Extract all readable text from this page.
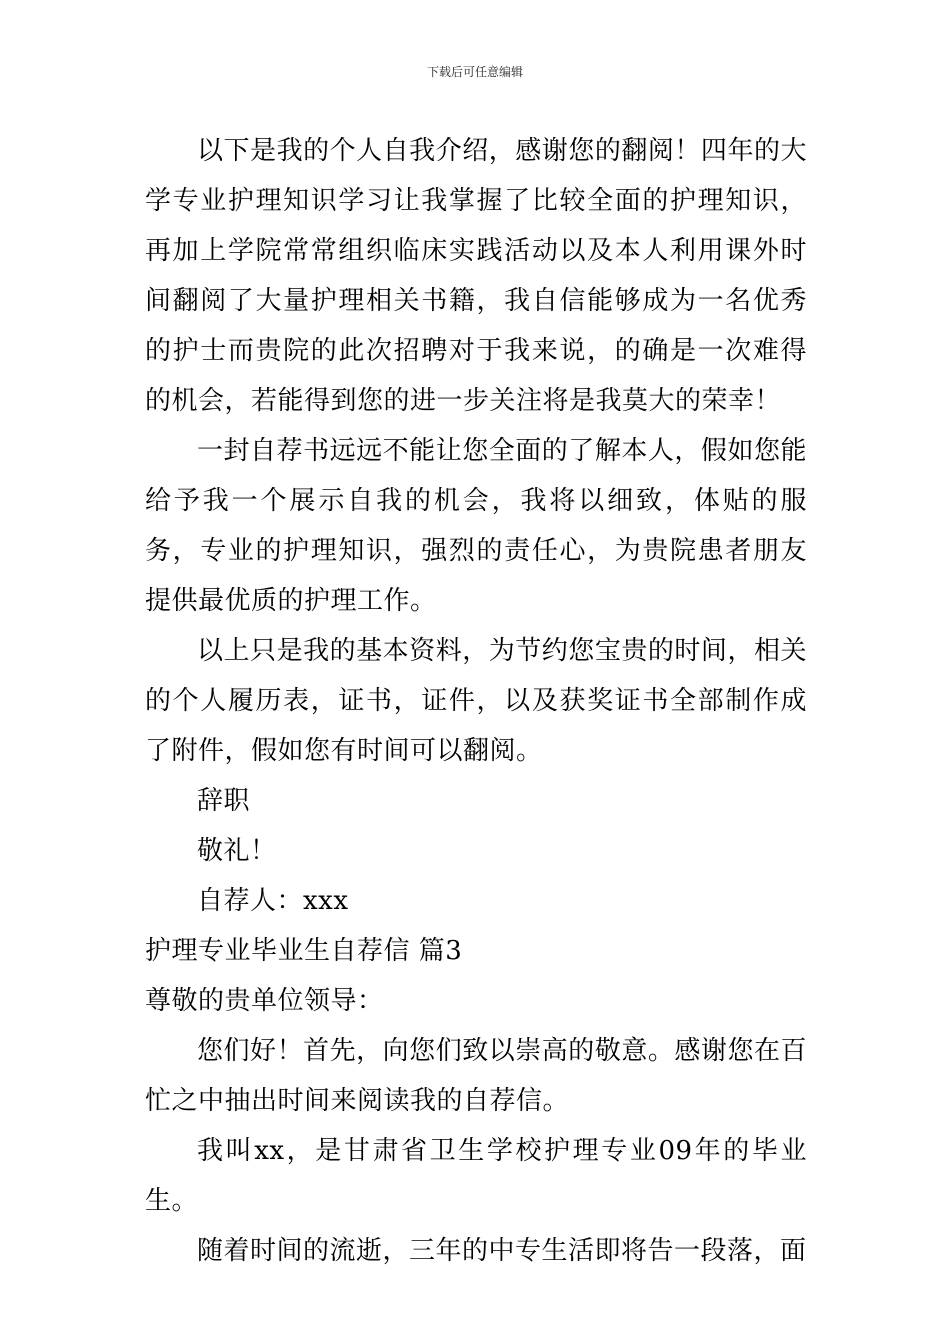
下载后可任意编辑

以下是我的个人自我介绍，感谢您的翻阅！四年的大学专业护理知识学习让我掌握了比较全面的护理知识，再加上学院常常组织临床实践活动以及本人利用课外时间翻阅了大量护理相关书籍，我自信能够成为一名优秀的护士而贵院的此次招聘对于我来说，的确是一次难得的机会，若能得到您的进一步关注将是我莫大的荣幸！

一封自荐书远远不能让您全面的了解本人，假如您能给予我一个展示自我的机会，我将以细致，体贴的服务，专业的护理知识，强烈的责任心，为贵院患者朋友提供最优质的护理工作。

以上只是我的基本资料，为节约您宝贵的时间，相关的个人履历表，证书，证件，以及获奖证书全部制作成了附件，假如您有时间可以翻阅。

辞职

敬礼！

自荐人：xxx

护理专业毕业生自荐信 篇3

尊敬的贵单位领导：

您们好！首先，向您们致以崇高的敬意。感谢您在百忙之中抽出时间来阅读我的自荐信。

我叫xx，是甘肃省卫生学校护理专业09年的毕业生。

随着时间的流逝，三年的中专生活即将告一段落，面
